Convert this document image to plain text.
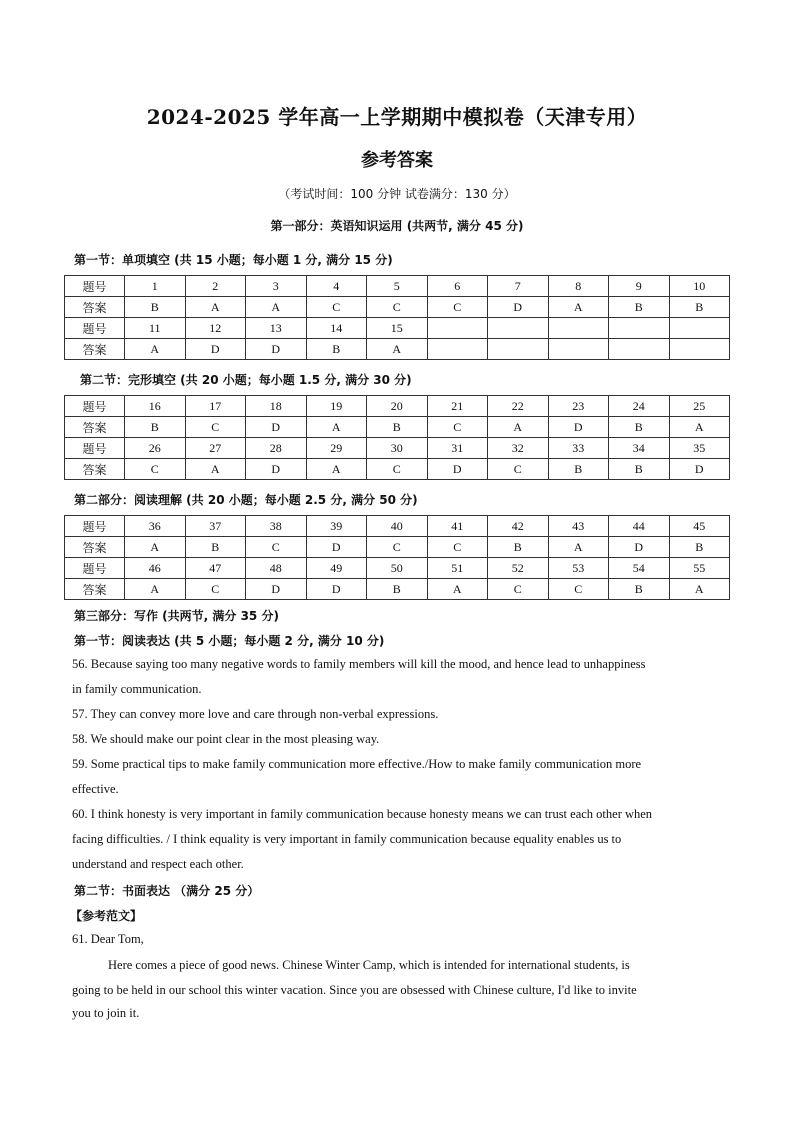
2024-2025 学年高一上学期期中模拟卷（天津专用）
参考答案
（考试时间：100 分钟 试卷满分：130 分）
第一部分：英语知识运用 (共两节, 满分 45 分)
第一节：单项填空 (共 15 小题；每小题 1 分, 满分 15 分)
题号	1	2	3	4	5	6	7	8	9	10
答案	B	A	A	C	C	C	D	A	B	B
题号	11	12	13	14	15					
答案	A	D	D	B	A					
第二节：完形填空 (共 20 小题；每小题 1.5 分, 满分 30 分)
题号	16	17	18	19	20	21	22	23	24	25
答案	B	C	D	A	B	C	A	D	B	A
题号	26	27	28	29	30	31	32	33	34	35
答案	C	A	D	A	C	D	C	B	B	D
第二部分：阅读理解 (共 20 小题；每小题 2.5 分, 满分 50 分)
题号	36	37	38	39	40	41	42	43	44	45
答案	A	B	C	D	C	C	B	A	D	B
题号	46	47	48	49	50	51	52	53	54	55
答案	A	C	D	D	B	A	C	C	B	A
第三部分：写作 (共两节, 满分 35 分)
第一节：阅读表达 (共 5 小题；每小题 2 分, 满分 10 分)
56. Because saying too many negative words to family members will kill the mood, and hence lead to unhappiness
in family communication.
57. They can convey more love and care through non-verbal expressions.
58. We should make our point clear in the most pleasing way.
59. Some practical tips to make family communication more effective./How to make family communication more
effective.
60. I think honesty is very important in family communication because honesty means we can trust each other when
facing difficulties. / I think equality is very important in family communication because equality enables us to
understand and respect each other.
第二节：书面表达 （满分 25 分）
【参考范文】
61. Dear Tom,
Here comes a piece of good news. Chinese Winter Camp, which is intended for international students, is
going to be held in our school this winter vacation. Since you are obsessed with Chinese culture, I'd like to invite
you to join it.
